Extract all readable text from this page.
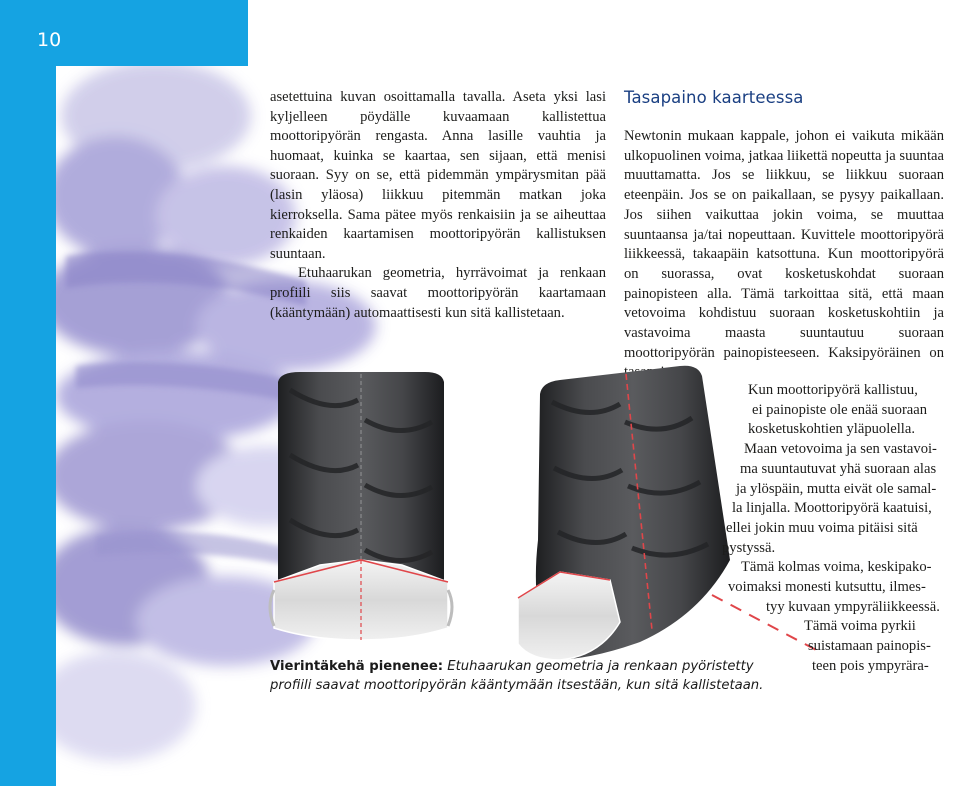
10

asetettuina kuvan osoittamalla tavalla. Aseta yksi lasi kyljelleen pöydälle kuvaamaan kallistettua moottoripyörän rengasta. Anna lasille vauhtia ja huomaat, kuinka se kaartaa, sen sijaan, että menisi suoraan. Syy on se, että pidemmän ympärysmitan pää (lasin yläosa) liikkuu pitemmän matkan joka kierroksella. Sama pätee myös renkaisiin ja se aiheuttaa renkaiden kaartamisen moottoripyörän kallistuksen suuntaan.

Etuhaarukan geometria, hyrrävoimat ja renkaan profiili siis saavat moottoripyörän kaartamaan (kääntymään) automaattisesti kun sitä kallistetaan.

Tasapaino kaarteessa

Newtonin mukaan kappale, johon ei vaikuta mikään ulkopuolinen voima, jatkaa liikettä nopeutta ja suuntaa muuttamatta. Jos se liikkuu, se liikkuu suoraan eteenpäin. Jos se on paikallaan, se pysyy paikallaan. Jos siihen vaikuttaa jokin voima, se muuttaa suuntaansa ja/tai nopeuttaan. Kuvittele moottoripyörä liikkeessä, takaapäin katsottuna. Kun moottoripyörä on suorassa, ovat kosketuskohdat suoraan painopisteen alla. Tämä tarkoittaa sitä, että maan vetovoima kohdistuu suoraan kosketuskohtiin ja vastavoima maasta suuntautuu suoraan moottoripyörän painopisteeseen. Kaksipyöräinen on

Kun moottoripyörä kallistuu,
ei painopiste ole enää suoraan
kosketuskohtien yläpuolella.
Maan vetovoima ja sen vastavoi-
ma suuntautuvat yhä suoraan alas
ja ylöspäin, mutta eivät ole samal-
la linjalla. Moottoripyörä kaatuisi,
ellei jokin muu voima pitäisi sitä
pystyssä.
Tämä kolmas voima, keskipako-
voimaksi monesti kutsuttu, ilmes-
tyy kuvaan ympyräliikkeessä.
Tämä voima pyrkii
suistamaan painopis-
teen pois ympyrära-

Vierintäkehä pienenee: Etuhaarukan geometria ja renkaan pyöristetty profiili saavat moottoripyörän kääntymään itsestään, kun sitä kallistetaan.
